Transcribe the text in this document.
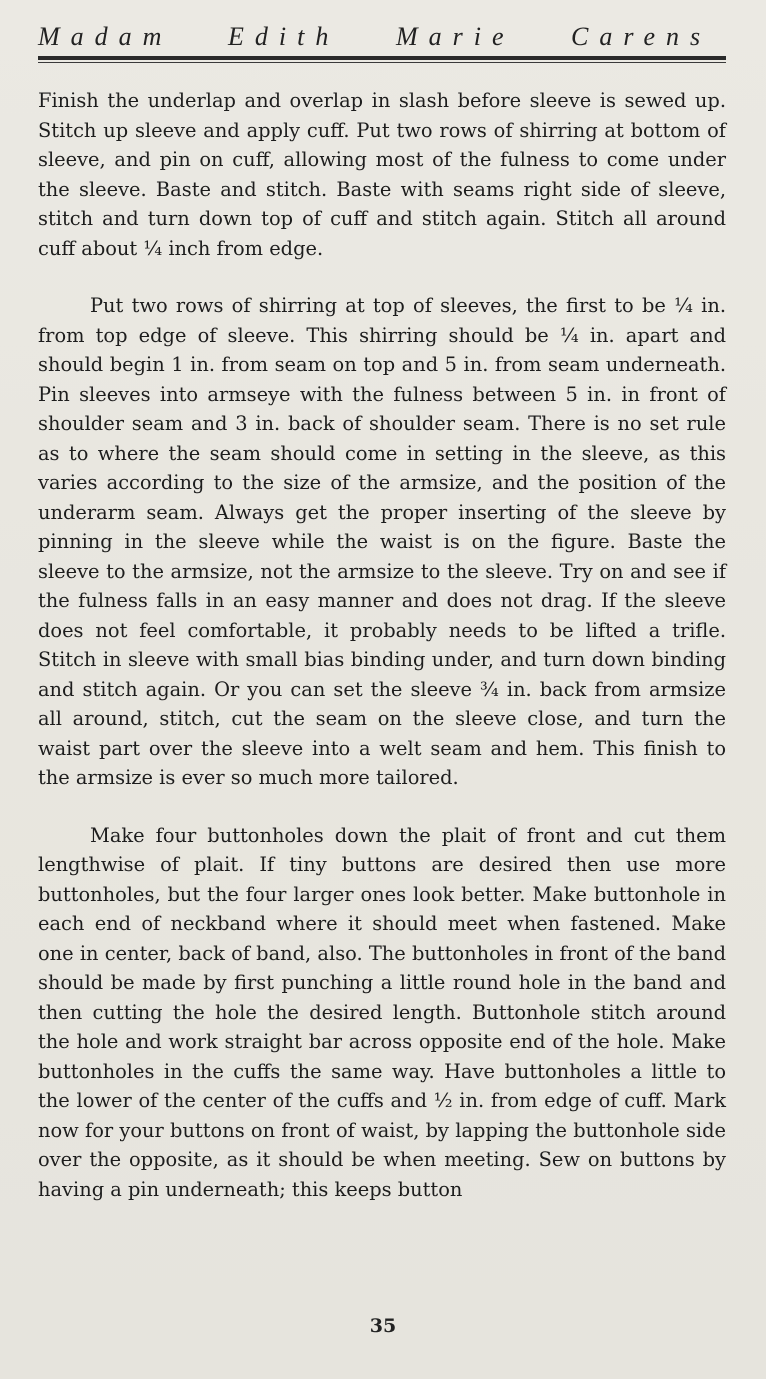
Madam Edith Marie Carens

Finish the underlap and overlap in slash before sleeve is sewed up. Stitch up sleeve and apply cuff. Put two rows of shirring at bottom of sleeve, and pin on cuff, allowing most of the fulness to come under the sleeve. Baste and stitch. Baste with seams right side of sleeve, stitch and turn down top of cuff and stitch again. Stitch all around cuff about ¼ inch from edge.

Put two rows of shirring at top of sleeves, the first to be ¼ in. from top edge of sleeve. This shirring should be ¼ in. apart and should begin 1 in. from seam on top and 5 in. from seam underneath. Pin sleeves into armseye with the fulness between 5 in. in front of shoulder seam and 3 in. back of shoulder seam. There is no set rule as to where the seam should come in setting in the sleeve, as this varies according to the size of the armsize, and the position of the underarm seam. Always get the proper inserting of the sleeve by pinning in the sleeve while the waist is on the figure. Baste the sleeve to the armsize, not the armsize to the sleeve. Try on and see if the fulness falls in an easy manner and does not drag. If the sleeve does not feel comfortable, it probably needs to be lifted a trifle. Stitch in sleeve with small bias binding under, and turn down binding and stitch again. Or you can set the sleeve ¾ in. back from armsize all around, stitch, cut the seam on the sleeve close, and turn the waist part over the sleeve into a welt seam and hem. This finish to the armsize is ever so much more tailored.

Make four buttonholes down the plait of front and cut them lengthwise of plait. If tiny buttons are desired then use more buttonholes, but the four larger ones look better. Make buttonhole in each end of neckband where it should meet when fastened. Make one in center, back of band, also. The buttonholes in front of the band should be made by first punching a little round hole in the band and then cutting the hole the desired length. Buttonhole stitch around the hole and work straight bar across opposite end of the hole. Make buttonholes in the cuffs the same way. Have buttonholes a little to the lower of the center of the cuffs and ½ in. from edge of cuff. Mark now for your buttons on front of waist, by lapping the buttonhole side over the opposite, as it should be when meeting. Sew on buttons by having a pin underneath; this keeps button

35
